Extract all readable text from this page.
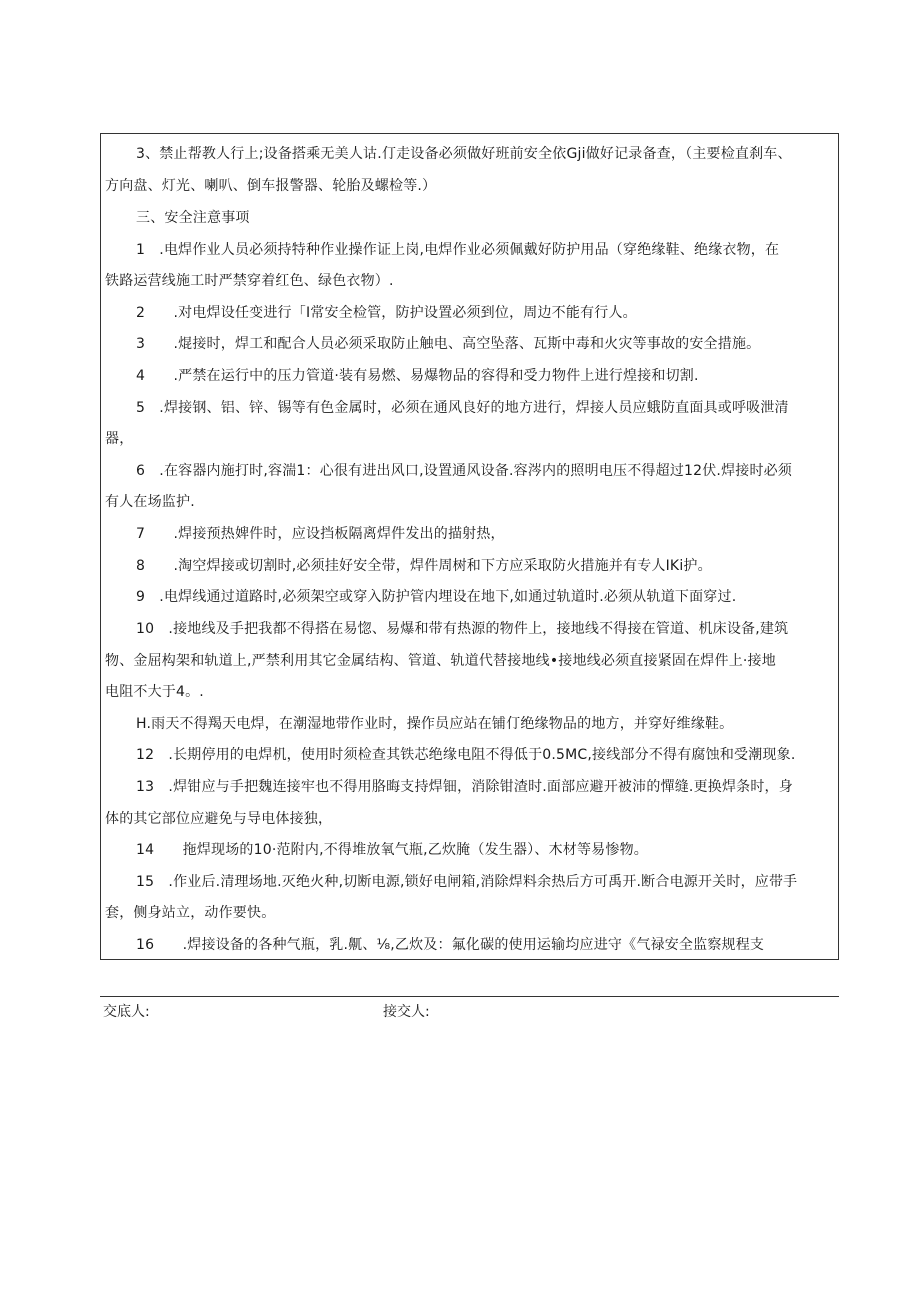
3、禁止帮教人行上;设备搭乘无美人诂.仃走设备必须做好班前安全依Gji做好记录备查，（主要检直刹车、
方向盘、灯光、喇叭、倒车报警器、轮胎及螺检等.）
三、安全注意事项
1　.电焊作业人员必须持特种作业操作证上岗,电焊作业必须佩戴好防护用品（穿绝缘鞋、绝缘衣物，在
铁路运营线施工时严禁穿着红色、绿色衣物）.
2　　.对电焊设任变进行「I常安全检管，防护设置必须到位，周边不能有行人。
3　　.焜接时，焊工和配合人员必须采取防止触电、高空坠落、瓦斯中毒和火灾等事故的安全措施。
4　　.严禁在运行中的压力管道·装有易燃、易爆物品的容得和受力物件上进行煌接和切割.
5　.焊接钢、铝、锌、锡等有色金属时，必须在通风良好的地方进行，焊接人员应蛾防直面具或呼吸泄清
器，
6　.在容器内施打时,容湍1：心很有进出风口,设置通风设备.容涔内的照明电压不得超过12伏.焊接时必须
有人在场监护.
7　　.焊接预热婢件时，应设挡板隔离焊件发出的描射热，
8　　.淘空焊接或切割时,必须挂好安全带，焊件周树和下方应采取防火措施并有专人IKi护。
9　.电焊线通过道路时,必须架空或穿入防护管内埋设在地下,如通过轨道时.必须从轨道下面穿过.
10　.接地线及手把我都不得搭在易惚、易爆和带有热源的物件上，接地线不得接在管道、机床设备,建筑
物、金屈构架和轨道上,严禁利用其它金属结构、管道、轨道代替接地线•接地线必须直接紧固在焊件上·接地
电阻不大于4。.
H.雨天不得羯天电焊，在潮湿地带作业时，操作员应站在铺仃绝缘物品的地方，并穿好维缘鞋。
12　.长期停用的电焊机，使用时须检查其铁芯绝缘电阻不得低于0.5MC,接线部分不得有腐蚀和受潮现象.
13　.焊钳应与手把魏连接牢也不得用胳晦支持焊钿，消除钳渣时.面部应避开被沛的憚缝.更换焊条时，身
体的其它部位应避免与导电体接独，
14　　拖焊现场的10·范附内,不得堆放氧气瓶,乙炊腌（发生器）、木材等易惨物。
15　.作业后.清理场地.灭绝火种,切断电源,锁好电闸箱,消除焊料余热后方可禹开.断合电源开关时，应带手
套，侧身站立，动作要快。
16　　.焊接设备的各种气瓶，乳.鼿、⅛,乙炊及：氟化碳的使用运输均应进守《气禄安全监察规程支
交底人:	接交人:
